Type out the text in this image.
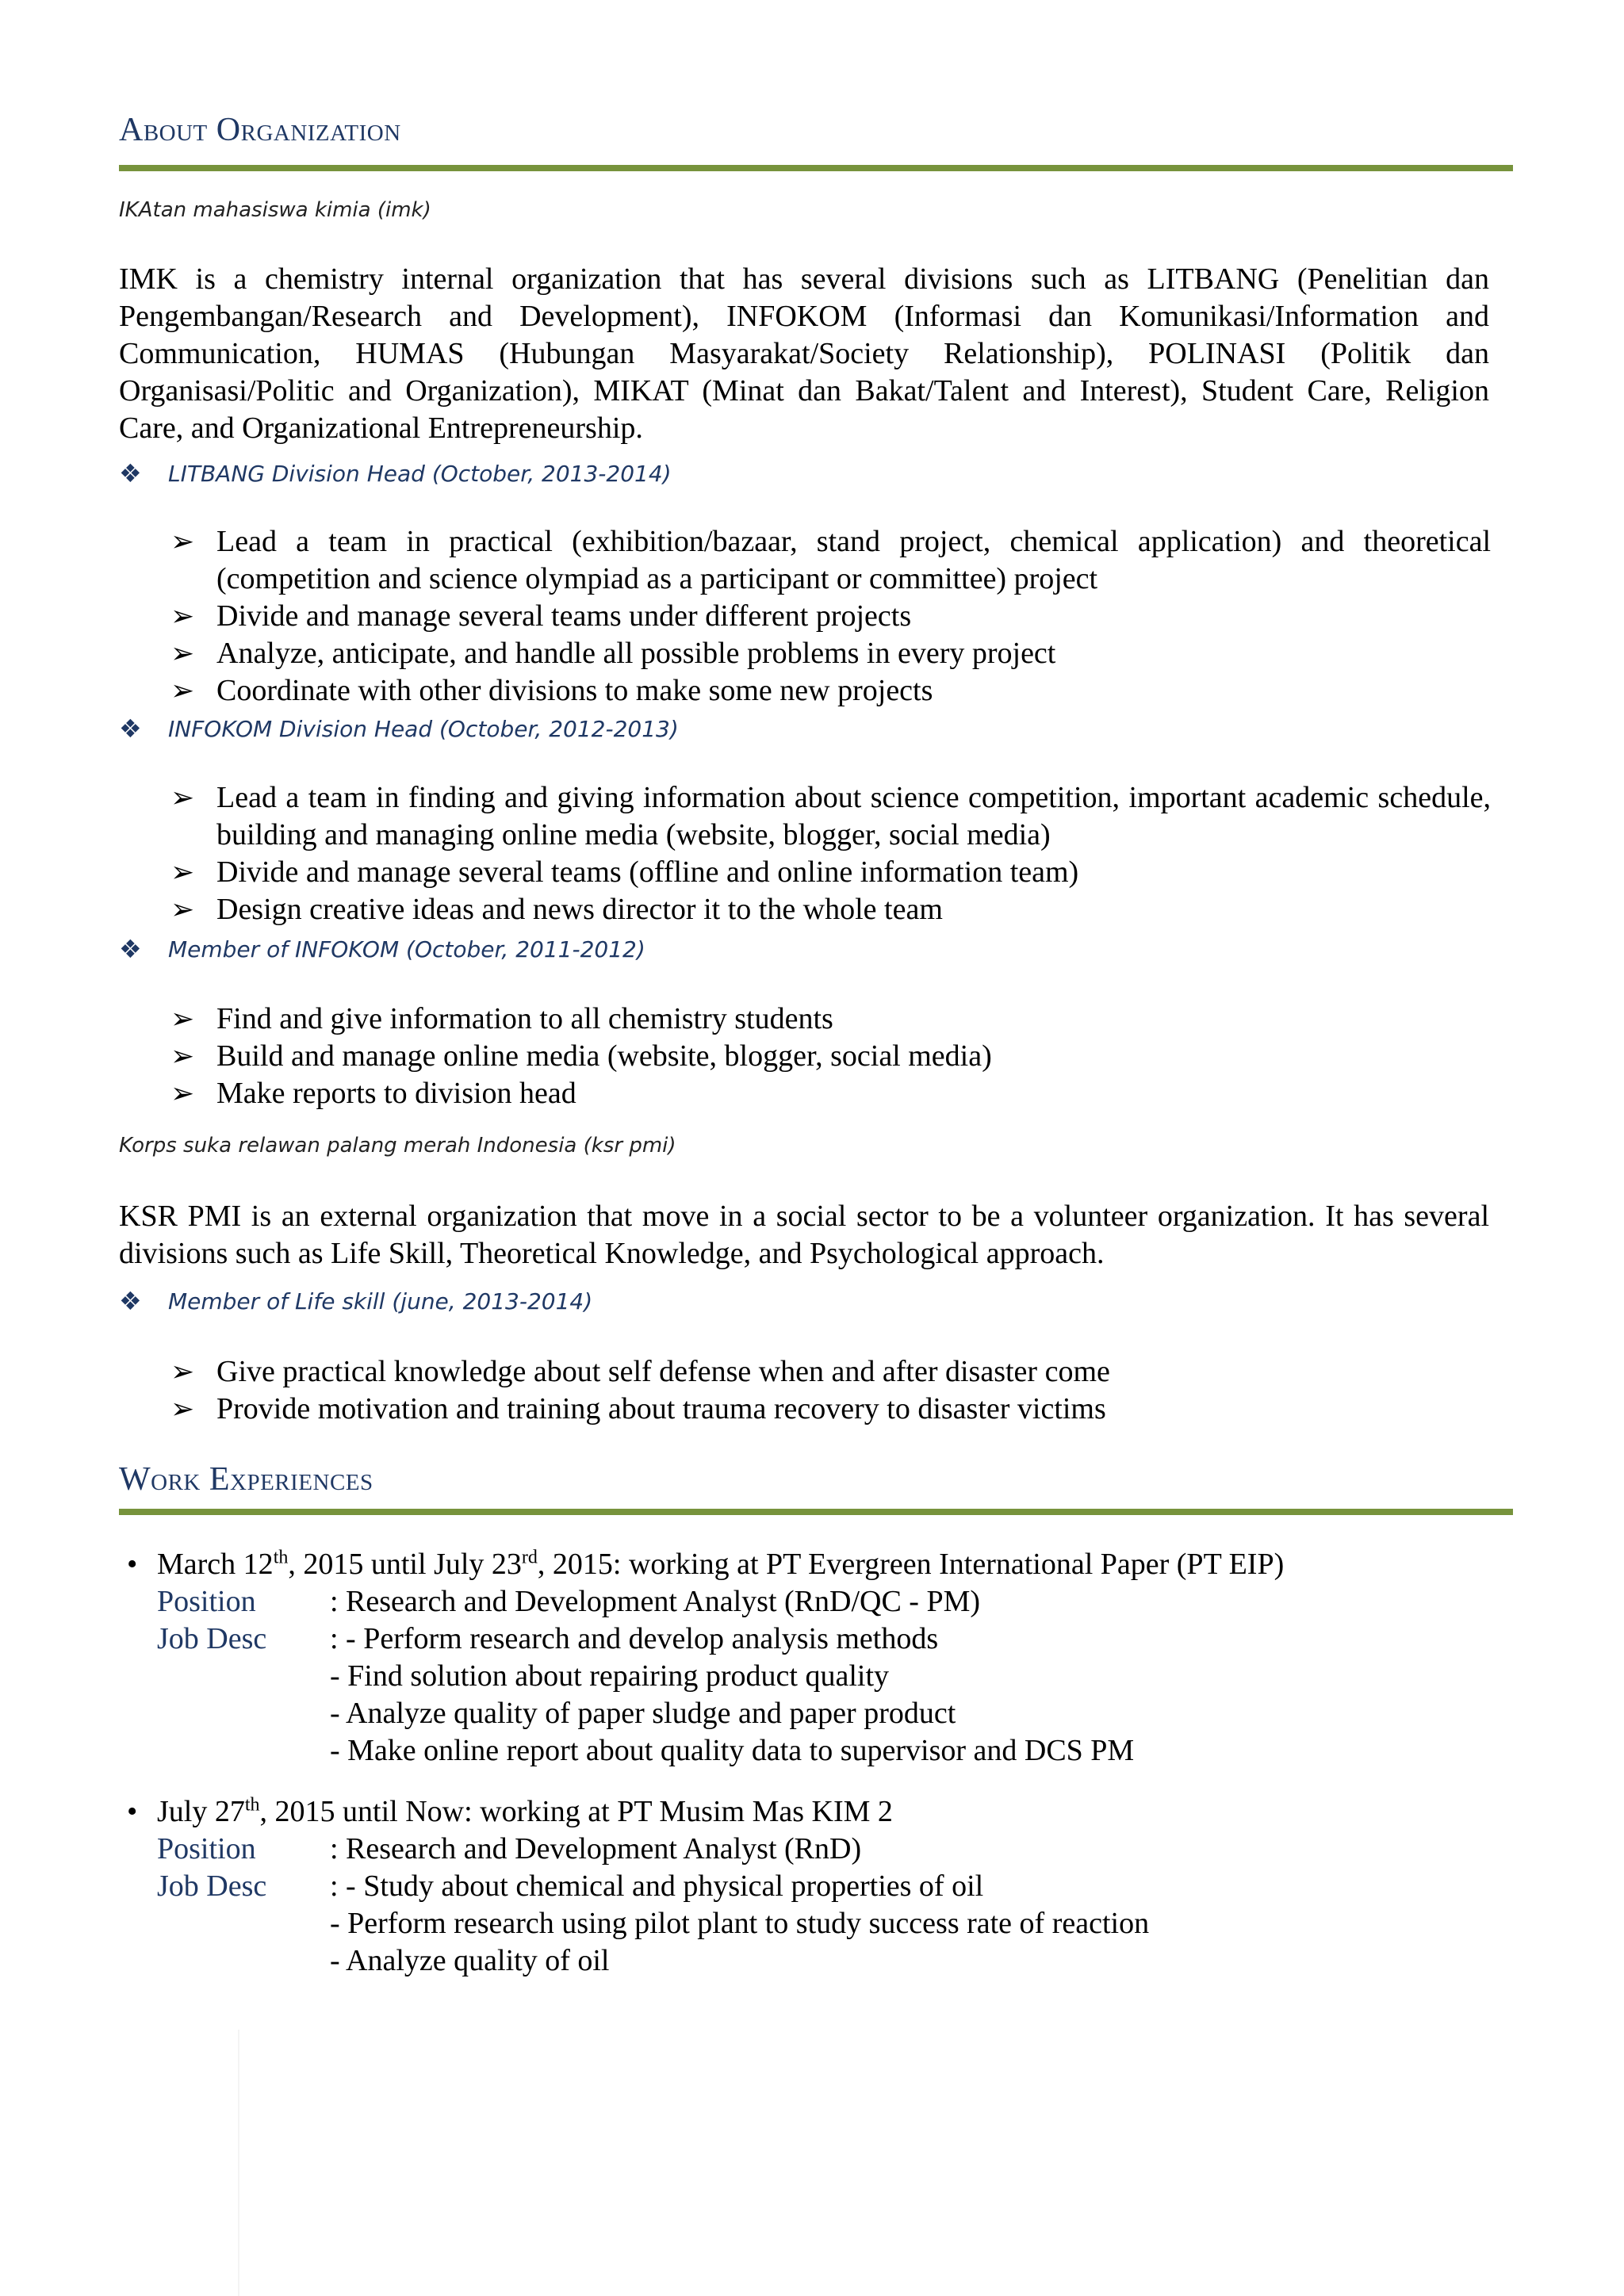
About Organization
IKAtan mahasiswa kimia (imk)

IMK is a chemistry internal organization that has several divisions such as LITBANG (Penelitian dan Pengembangan/Research and Development), INFOKOM (Informasi dan Komunikasi/Information and Communication, HUMAS (Hubungan Masyarakat/Society Relationship), POLINASI (Politik dan Organisasi/Politic and Organization), MIKAT (Minat dan Bakat/Talent and Interest), Student Care, Religion Care, and Organizational Entrepreneurship.

❖	LITBANG Division Head (October, 2013-2014)
➢ Lead a team in practical (exhibition/bazaar, stand project, chemical application) and theoretical (competition and science olympiad as a participant or committee) project
➢ Divide and manage several teams under different projects
➢ Analyze, anticipate, and handle all possible problems in every project
➢ Coordinate with other divisions to make some new projects
❖	INFOKOM Division Head (October, 2012-2013)
➢ Lead a team in finding and giving information about science competition, important academic schedule, building and managing online media (website, blogger, social media)
➢ Divide and manage several teams (offline and online information team)
➢ Design creative ideas and news director it to the whole team
❖	Member of INFOKOM (October, 2011-2012)
➢ Find and give information to all chemistry students
➢ Build and manage online media (website, blogger, social media)
➢ Make reports to division head
Korps suka relawan palang merah Indonesia (ksr pmi)

KSR PMI is an external organization that move in a social sector to be a volunteer organization. It has several divisions such as Life Skill, Theoretical Knowledge, and Psychological approach.

❖	Member of Life skill (june, 2013-2014)
➢ Give practical knowledge about self defense when and after disaster come
➢ Provide motivation and training about trauma recovery to disaster victims
Work Experiences
• March 12th, 2015 until July 23rd, 2015: working at PT Evergreen International Paper (PT EIP)
Position	: Research and Development Analyst (RnD/QC - PM)
Job Desc	: - Perform research and develop analysis methods
- Find solution about repairing product quality
- Analyze quality of paper sludge and paper product
- Make online report about quality data to supervisor and DCS PM
• July 27th, 2015 until Now: working at PT Musim Mas KIM 2
Position	: Research and Development Analyst (RnD)
Job Desc	: - Study about chemical and physical properties of oil
- Perform research using pilot plant to study success rate of reaction
- Analyze quality of oil
